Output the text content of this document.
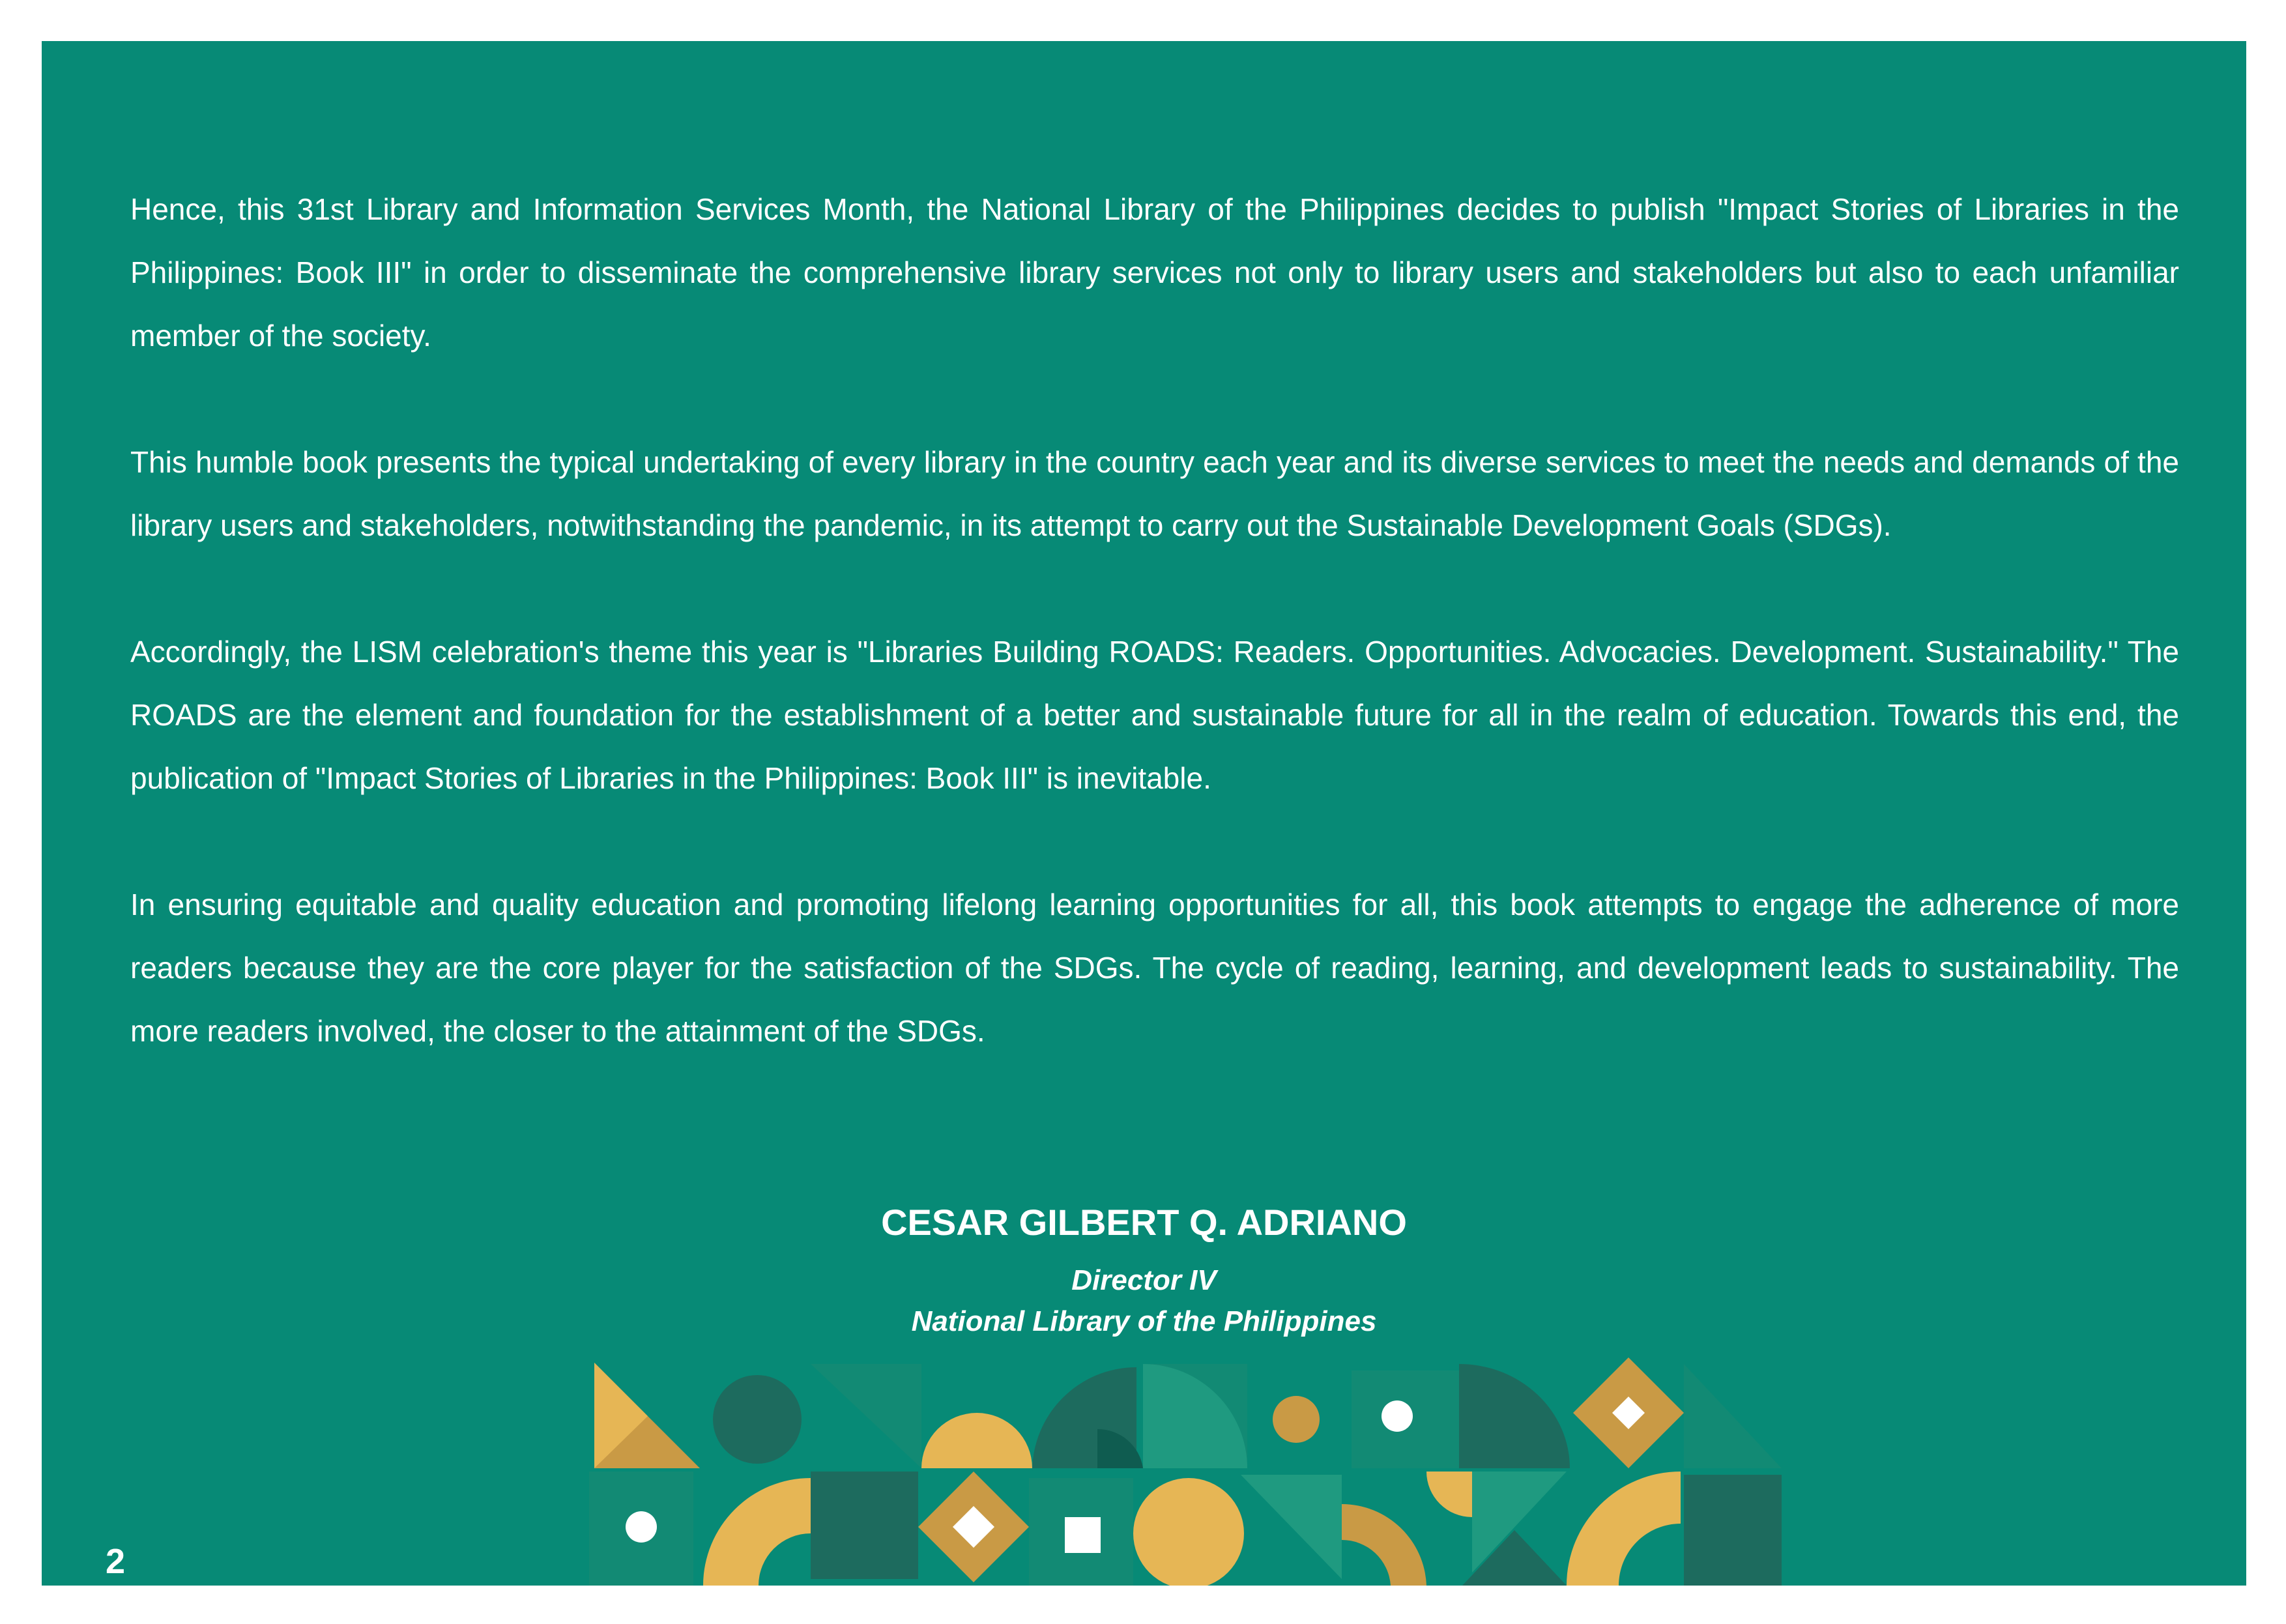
Hence, this 31st Library and Information Services Month, the National Library of the Philippines decides to publish "Impact Stories of Libraries in the Philippines: Book III" in order to disseminate the comprehensive library services not only to library users and stakeholders but also to each unfamiliar member of the society.

This humble book presents the typical undertaking of every library in the country each year and its diverse services to meet the needs and demands of the library users and stakeholders, notwithstanding the pandemic, in its attempt to carry out the Sustainable Development Goals (SDGs).

Accordingly, the LISM celebration's theme this year is "Libraries Building ROADS: Readers. Opportunities. Advocacies. Development. Sustainability." The ROADS are the element and foundation for the establishment of a better and sustainable future for all in the realm of education. Towards this end, the publication of "Impact Stories of Libraries in the Philippines: Book III" is inevitable.

In ensuring equitable and quality education and promoting lifelong learning opportunities for all, this book attempts to engage the adherence of more readers because they are the core player for the satisfaction of the SDGs. The cycle of reading, learning, and development leads to sustainability. The more readers involved, the closer to the attainment of the SDGs.

CESAR GILBERT Q. ADRIANO
Director IV
National Library of the Philippines
2
